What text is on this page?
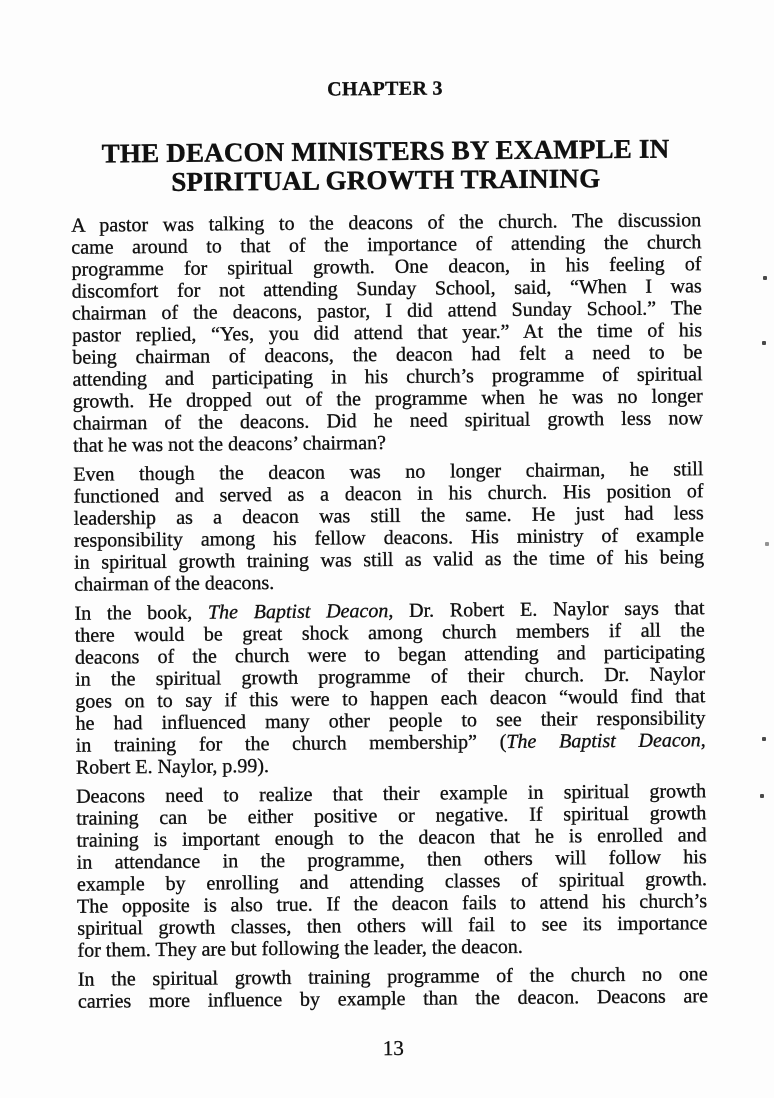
CHAPTER 3
THE DEACON MINISTERS BY EXAMPLE IN
SPIRITUAL GROWTH TRAINING
A pastor was talking to the deacons of the church. The discussion
came around to that of the importance of attending the church
programme for spiritual growth. One deacon, in his feeling of
discomfort for not attending Sunday School, said, “When I was
chairman of the deacons, pastor, I did attend Sunday School.” The
pastor replied, “Yes, you did attend that year.” At the time of his
being chairman of deacons, the deacon had felt a need to be
attending and participating in his church’s programme of spiritual
growth. He dropped out of the programme when he was no longer
chairman of the deacons. Did he need spiritual growth less now
that he was not the deacons’ chairman?
Even though the deacon was no longer chairman, he still
functioned and served as a deacon in his church. His position of
leadership as a deacon was still the same. He just had less
responsibility among his fellow deacons. His ministry of example
in spiritual growth training was still as valid as the time of his being
chairman of the deacons.
In the book, The Baptist Deacon, Dr. Robert E. Naylor says that
there would be great shock among church members if all the
deacons of the church were to began attending and participating
in the spiritual growth programme of their church. Dr. Naylor
goes on to say if this were to happen each deacon “would find that
he had influenced many other people to see their responsibility
in training for the church membership” (The Baptist Deacon,
Robert E. Naylor, p.99).
Deacons need to realize that their example in spiritual growth
training can be either positive or negative. If spiritual growth
training is important enough to the deacon that he is enrolled and
in attendance in the programme, then others will follow his
example by enrolling and attending classes of spiritual growth.
The opposite is also true. If the deacon fails to attend his church’s
spiritual growth classes, then others will fail to see its importance
for them. They are but following the leader, the deacon.
In the spiritual growth training programme of the church no one
carries more influence by example than the deacon. Deacons are
13
